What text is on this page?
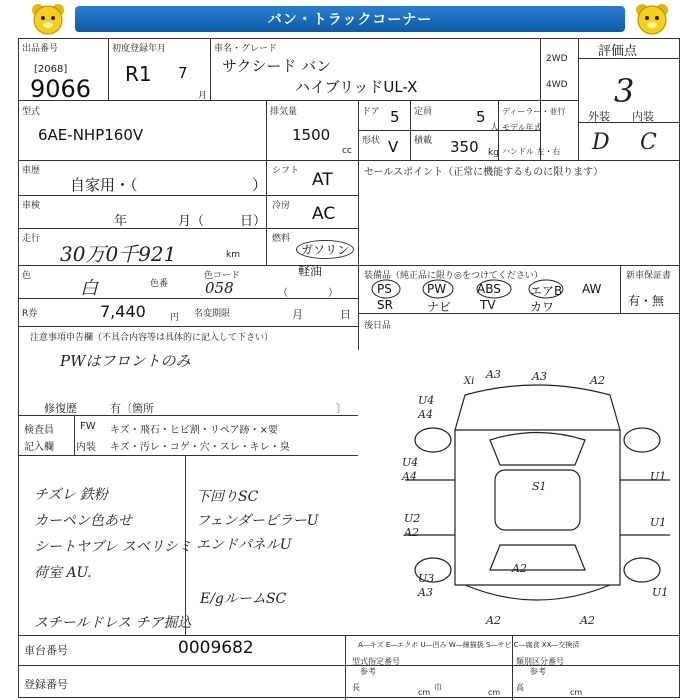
バン・トラックコーナー
出品番号
[2068]
9066
初度登録年月
R1 7
月
車名・グレード
サクシード バン
ハイブリッドUL-X
2WD
4WD
評価点
3
型式
6AE-NHP160V
排気量
1500
cc
ドア 5 定員	5
人
形状 V 積載 350 kg
ディーラー・並行
モデル年式
ハンドル 左・右
外装 内装
D C
車歴
自家用・（	）
シフト AT	セールスポイント（正常に機能するものに限ります）
車検
年	月（	日）
冷房 AC
走行
30万0千921	km
燃料
ガソリン
軽油
（　　　　）
色
白	色番
色コード
058
装備品（純正品に限り◎をつけてください）
PS	PW	ABS エアB AW
SR	ナビ TV	カワ
新車保証書
有・無
後日品
R券	7,440	円 名変期限	月	日
注意事項申告欄（不具合内容等は具体的に記入して下さい）
PWはフロントのみ
修復歴	有〔箇所	〕
検査員
記入欄
FW
内装
キズ・飛石・ヒビ割・リペア跡・×要
キズ・汚レ・コゲ・穴・スレ・キレ・臭
チズレ 鉄粉
カーペン色あせ
シートヤブレ スベリシミ
荷室 AU.
スチールドレス チア掘込
下回りSC
フェンダーピラーU
エンドパネルU
E/gルームSC
Xi
A3	A3	A2
U4
A4
U4
A4
S1
U1
U1
U2
A2
A2
U3
A3
A2	A2
U1
車台番号	0009682
登録番号
A―キズ E―エクボ U―凹み W―線描扱 S―サビ C―腐食 XX―交換済
型式指定番号
参考
類別区分番号
参考
長
cm
巾
cm
高
cm
